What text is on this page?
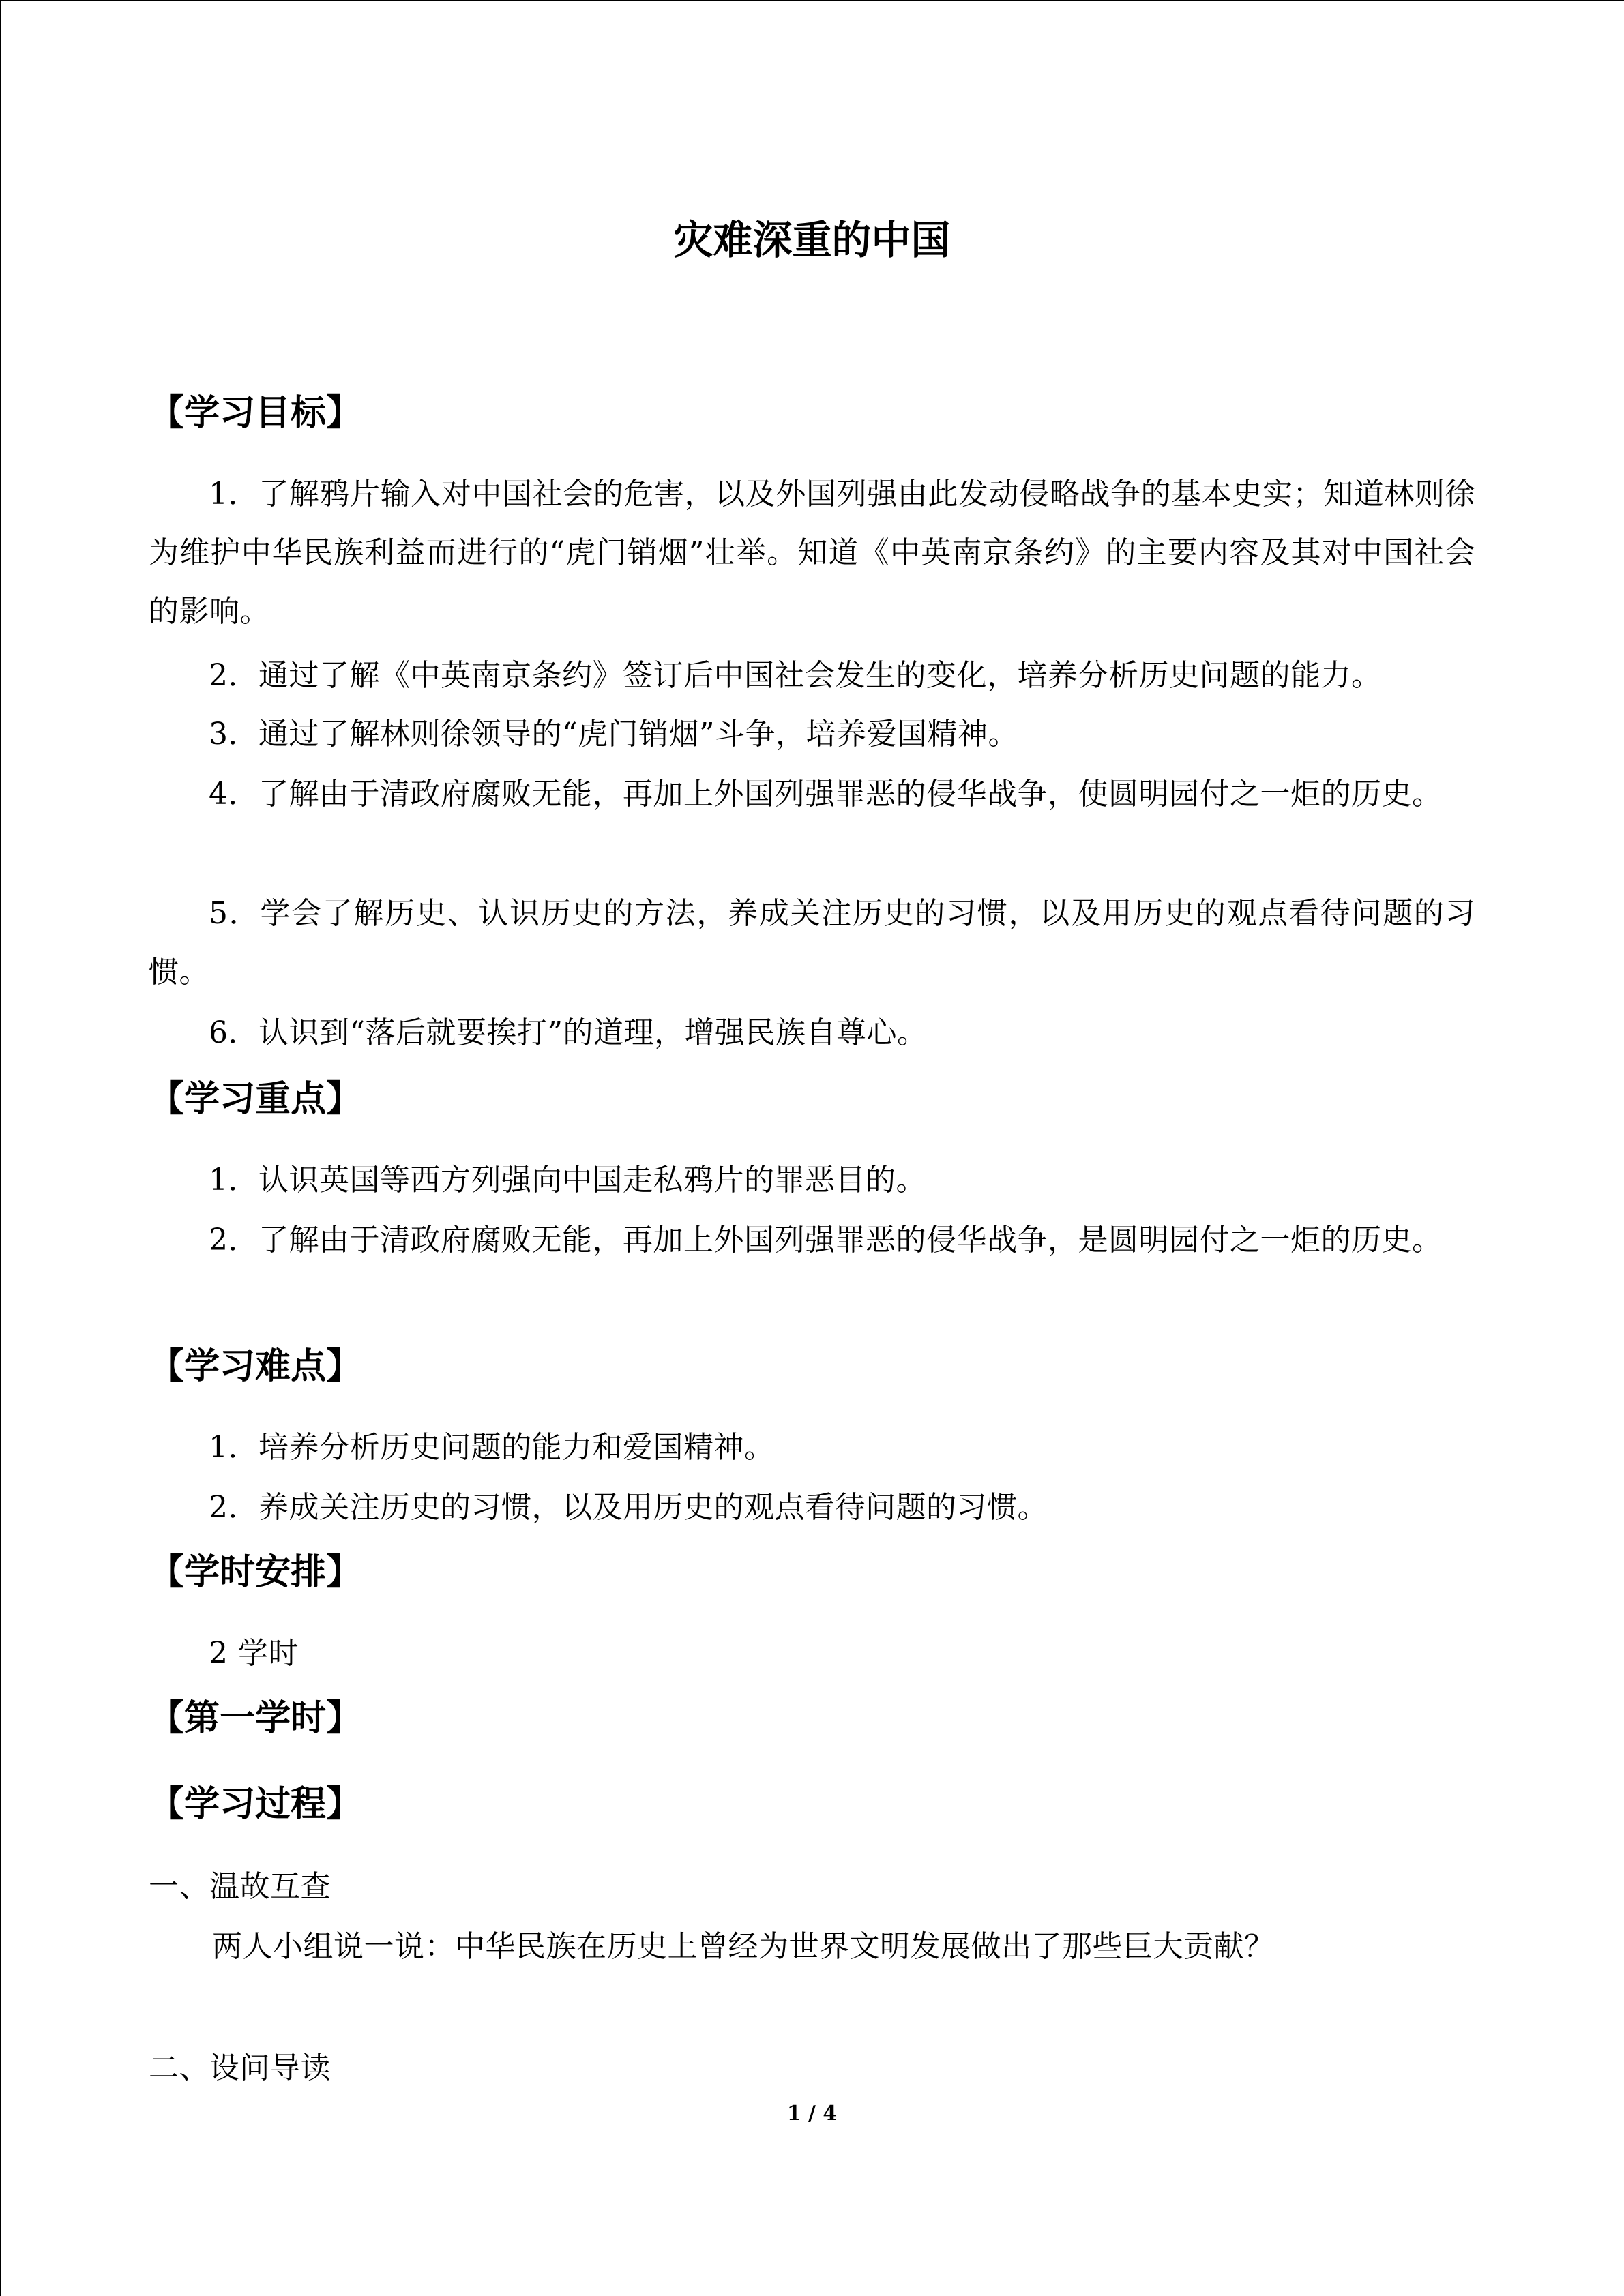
灾难深重的中国
【学习目标】
1．了解鸦片输入对中国社会的危害，以及外国列强由此发动侵略战争的基本史实；知道林则徐为维护中华民族利益而进行的“虎门销烟”壮举。知道《中英南京条约》的主要内容及其对中国社会的影响。
2．通过了解《中英南京条约》签订后中国社会发生的变化，培养分析历史问题的能力。
3．通过了解林则徐领导的“虎门销烟”斗争，培养爱国精神。
4．了解由于清政府腐败无能，再加上外国列强罪恶的侵华战争，使圆明园付之一炬的历史。
5．学会了解历史、认识历史的方法，养成关注历史的习惯，以及用历史的观点看待问题的习惯。
6．认识到“落后就要挨打”的道理，增强民族自尊心。
【学习重点】
1．认识英国等西方列强向中国走私鸦片的罪恶目的。
2．了解由于清政府腐败无能，再加上外国列强罪恶的侵华战争，是圆明园付之一炬的历史。
【学习难点】
1．培养分析历史问题的能力和爱国精神。
2．养成关注历史的习惯，以及用历史的观点看待问题的习惯。
【学时安排】
2 学时
【第一学时】
【学习过程】
一、温故互查
两人小组说一说：中华民族在历史上曾经为世界文明发展做出了那些巨大贡献？
二、设问导读
1 / 4
